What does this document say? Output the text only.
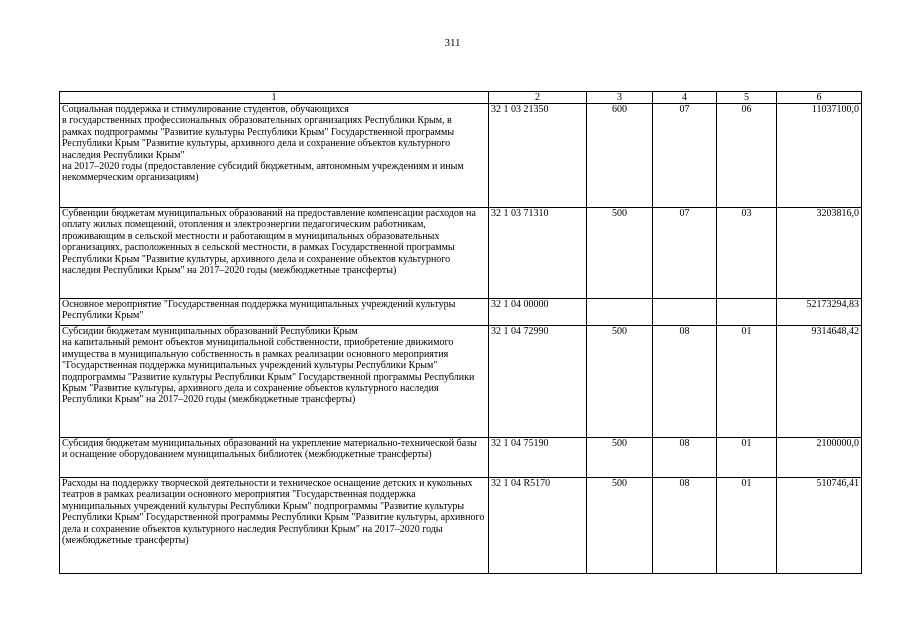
311
1	2	3	4	5	6
Социальная поддержка и стимулирование студентов, обучающихся
в государственных профессиональных образовательных организациях Республики Крым, в рамках подпрограммы "Развитие культуры Республики Крым" Государственной программы Республики Крым "Развитие культуры, архивного дела и сохранение объектов культурного наследия Республики Крым"
на 2017–2020 годы (предоставление субсидий бюджетным, автономным учреждениям и иным некоммерческим организациям)	32 1 03 21350	600	07	06	11037100,0
Субвенции бюджетам муниципальных образований на предоставление компенсации расходов на оплату жилых помещений, отопления и электроэнергии педагогическим работникам, проживающим в сельской местности и работающим в муниципальных образовательных организациях, расположенных в сельской местности, в рамках Государственной программы Республики Крым "Развитие культуры, архивного дела и сохранение объектов культурного наследия Республики Крым" на 2017–2020 годы (межбюджетные трансферты)	32 1 03 71310	500	07	03	3203816,0
Основное мероприятие "Государственная поддержка муниципальных учреждений культуры Республики Крым"	32 1 04 00000				52173294,83
Субсидии бюджетам муниципальных образований Республики Крым
на капитальный ремонт объектов муниципальной собственности, приобретение движимого имущества в муниципальную собственность в рамках реализации основного мероприятия "Государственная поддержка муниципальных учреждений культуры Республики Крым" подпрограммы "Развитие культуры Республики Крым" Государственной программы Республики Крым "Развитие культуры, архивного дела и сохранение объектов культурного наследия Республики Крым" на 2017–2020 годы (межбюджетные трансферты)	32 1 04 72990	500	08	01	9314648,42
Субсидия бюджетам муниципальных образований на укрепление материально-технической базы и оснащение оборудованием муниципальных библиотек (межбюджетные трансферты)	32 1 04 75190	500	08	01	2100000,0
Расходы на поддержку творческой деятельности и техническое оснащение детских и кукольных театров в рамках реализации основного мероприятия "Государственная поддержка муниципальных учреждений культуры Республики Крым" подпрограммы "Развитие культуры Республики Крым" Государственной программы Республики Крым "Развитие культуры, архивного дела и сохранение объектов культурного наследия Республики Крым" на 2017–2020 годы (межбюджетные трансферты)	32 1 04 R5170	500	08	01	510746,41
